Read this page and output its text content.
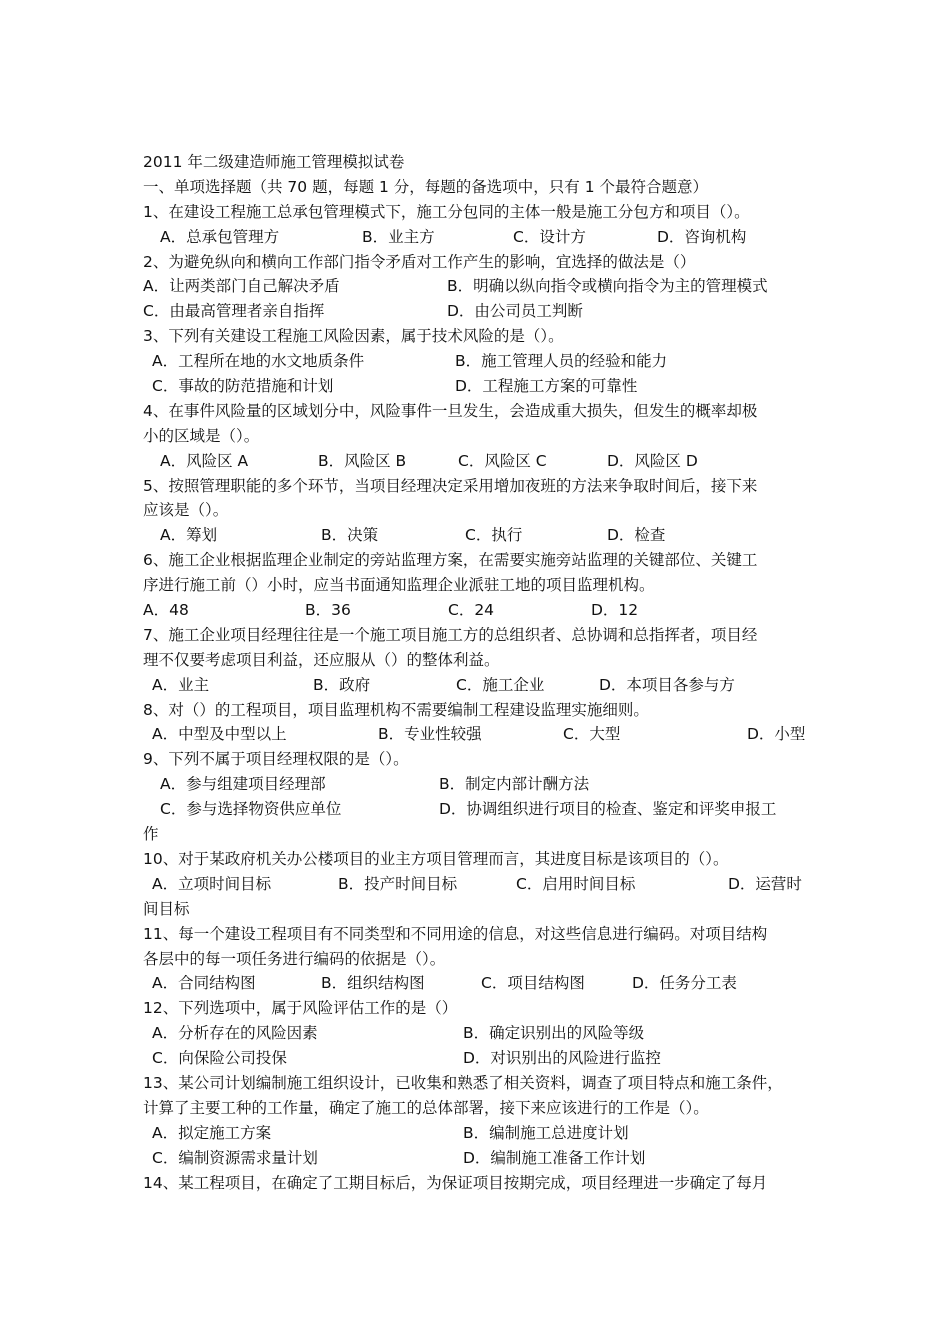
2011 年二级建造师施工管理模拟试卷
一、单项选择题（共 70 题，每题 1 分，每题的备选项中，只有 1 个最符合题意）
1、在建设工程施工总承包管理模式下，施工分包同的主体一般是施工分包方和项目（）。
A．总承包管理方	B．业主方	C．设计方	D．咨询机构
2、为避免纵向和横向工作部门指令矛盾对工作产生的影响，宜选择的做法是（）
A．让两类部门自己解决矛盾	B．明确以纵向指令或横向指令为主的管理模式
C．由最高管理者亲自指挥	D．由公司员工判断
3、下列有关建设工程施工风险因素，属于技术风险的是（）。
A．工程所在地的水文地质条件	B．施工管理人员的经验和能力
C．事故的防范措施和计划	D．工程施工方案的可靠性
4、在事件风险量的区域划分中，风险事件一旦发生，会造成重大损失，但发生的概率却极
小的区域是（）。
A．风险区 A	B．风险区 B	C．风险区 C	D．风险区 D
5、按照管理职能的多个环节，当项目经理决定采用增加夜班的方法来争取时间后，接下来
应该是（）。
A．筹划	B．决策	C．执行	D．检查
6、施工企业根据监理企业制定的旁站监理方案，在需要实施旁站监理的关键部位、关键工
序进行施工前（）小时，应当书面通知监理企业派驻工地的项目监理机构。
A．48	B．36	C．24	D．12
7、施工企业项目经理往往是一个施工项目施工方的总组织者、总协调和总指挥者，项目经
理不仅要考虑项目利益，还应服从（）的整体利益。
A．业主	B．政府	C．施工企业	D．本项目各参与方
8、对（）的工程项目，项目监理机构不需要编制工程建设监理实施细则。
A．中型及中型以上	B．专业性较强	C．大型	D．小型
9、下列不属于项目经理权限的是（）。
A．参与组建项目经理部	B．制定内部计酬方法
C．参与选择物资供应单位	D．协调组织进行项目的检查、鉴定和评奖申报工
作
10、对于某政府机关办公楼项目的业主方项目管理而言，其进度目标是该项目的（）。
A．立项时间目标	B．投产时间目标	C．启用时间目标	D．运营时
间目标
11、每一个建设工程项目有不同类型和不同用途的信息，对这些信息进行编码。对项目结构
各层中的每一项任务进行编码的依据是（）。
A．合同结构图	B．组织结构图	C．项目结构图	D．任务分工表
12、下列选项中，属于风险评估工作的是（）
A．分析存在的风险因素	B．确定识别出的风险等级
C．向保险公司投保	D．对识别出的风险进行监控
13、某公司计划编制施工组织设计，已收集和熟悉了相关资料，调查了项目特点和施工条件，
计算了主要工种的工作量，确定了施工的总体部署，接下来应该进行的工作是（）。
A．拟定施工方案	B．编制施工总进度计划
C．编制资源需求量计划	D．编制施工准备工作计划
14、某工程项目，在确定了工期目标后，为保证项目按期完成，项目经理进一步确定了每月
